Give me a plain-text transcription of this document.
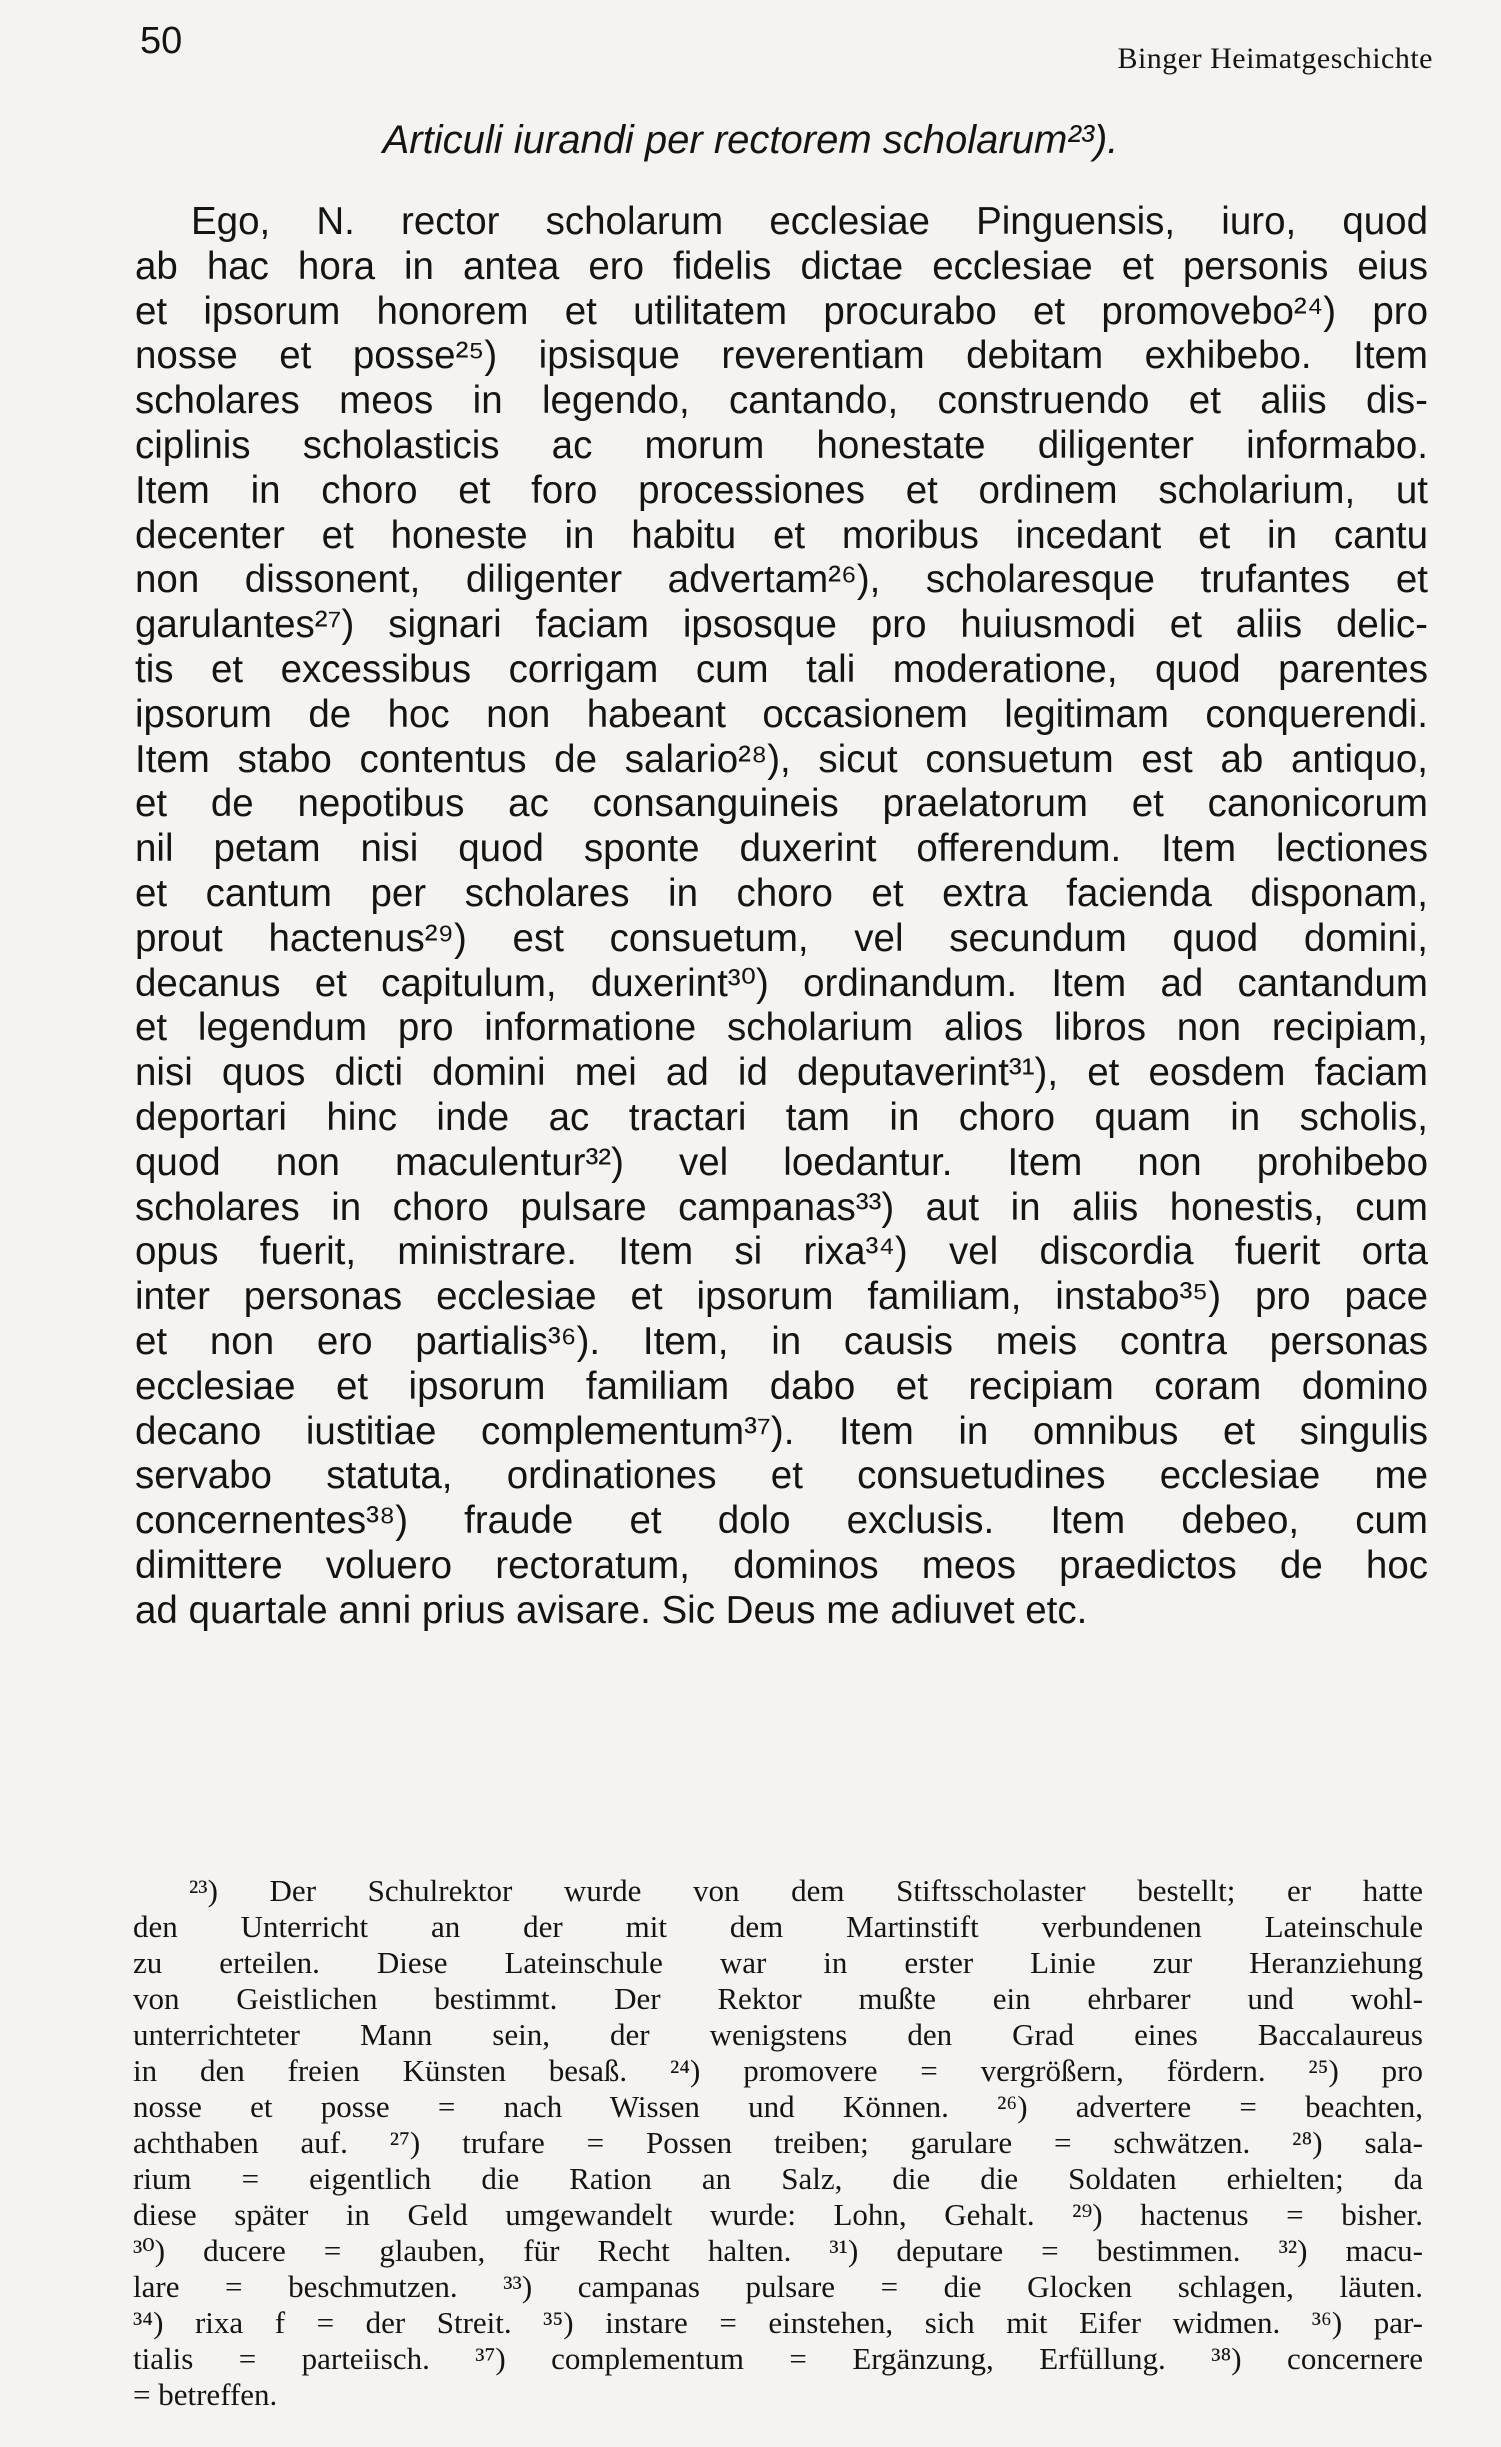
50	Binger Heimatgeschichte
Articuli iurandi per rectorem scholarum²³).
Ego, N. rector scholarum ecclesiae Pinguensis, iuro, quod
ab hac hora in antea ero fidelis dictae ecclesiae et personis eius
et ipsorum honorem et utilitatem procurabo et promovebo²⁴) pro
nosse et posse²⁵) ipsisque reverentiam debitam exhibebo. Item
scholares meos in legendo, cantando, construendo et aliis dis-
ciplinis scholasticis ac morum honestate diligenter informabo.
Item in choro et foro processiones et ordinem scholarium, ut
decenter et honeste in habitu et moribus incedant et in cantu
non dissonent, diligenter advertam²⁶), scholaresque trufantes et
garulantes²⁷) signari faciam ipsosque pro huiusmodi et aliis delic-
tis et excessibus corrigam cum tali moderatione, quod parentes
ipsorum de hoc non habeant occasionem legitimam conquerendi.
Item stabo contentus de salario²⁸), sicut consuetum est ab antiquo,
et de nepotibus ac consanguineis praelatorum et canonicorum
nil petam nisi quod sponte duxerint offerendum. Item lectiones
et cantum per scholares in choro et extra facienda disponam,
prout hactenus²⁹) est consuetum, vel secundum quod domini,
decanus et capitulum, duxerint³⁰) ordinandum. Item ad cantandum
et legendum pro informatione scholarium alios libros non recipiam,
nisi quos dicti domini mei ad id deputaverint³¹), et eosdem faciam
deportari hinc inde ac tractari tam in choro quam in scholis,
quod non maculentur³²) vel loedantur. Item non prohibebo
scholares in choro pulsare campanas³³) aut in aliis honestis, cum
opus fuerit, ministrare. Item si rixa³⁴) vel discordia fuerit orta
inter personas ecclesiae et ipsorum familiam, instabo³⁵) pro pace
et non ero partialis³⁶). Item, in causis meis contra personas
ecclesiae et ipsorum familiam dabo et recipiam coram domino
decano iustitiae complementum³⁷). Item in omnibus et singulis
servabo statuta, ordinationes et consuetudines ecclesiae me
concernentes³⁸) fraude et dolo exclusis. Item debeo, cum
dimittere voluero rectoratum, dominos meos praedictos de hoc
ad quartale anni prius avisare. Sic Deus me adiuvet etc.
²³) Der Schulrektor wurde von dem Stiftsscholaster bestellt; er hatte
den Unterricht an der mit dem Martinstift verbundenen Lateinschule
zu erteilen. Diese Lateinschule war in erster Linie zur Heranziehung
von Geistlichen bestimmt. Der Rektor mußte ein ehrbarer und wohl-
unterrichteter Mann sein, der wenigstens den Grad eines Baccalaureus
in den freien Künsten besaß. ²⁴) promovere = vergrößern, fördern. ²⁵) pro
nosse et posse = nach Wissen und Können. ²⁶) advertere = beachten,
achthaben auf. ²⁷) trufare = Possen treiben; garulare = schwätzen. ²⁸) sala-
rium = eigentlich die Ration an Salz, die die Soldaten erhielten; da
diese später in Geld umgewandelt wurde: Lohn, Gehalt. ²⁹) hactenus = bisher.
³⁰) ducere = glauben, für Recht halten. ³¹) deputare = bestimmen. ³²) macu-
lare = beschmutzen. ³³) campanas pulsare = die Glocken schlagen, läuten.
³⁴) rixa f = der Streit. ³⁵) instare = einstehen, sich mit Eifer widmen. ³⁶) par-
tialis = parteiisch. ³⁷) complementum = Ergänzung, Erfüllung. ³⁸) concernere
= betreffen.
